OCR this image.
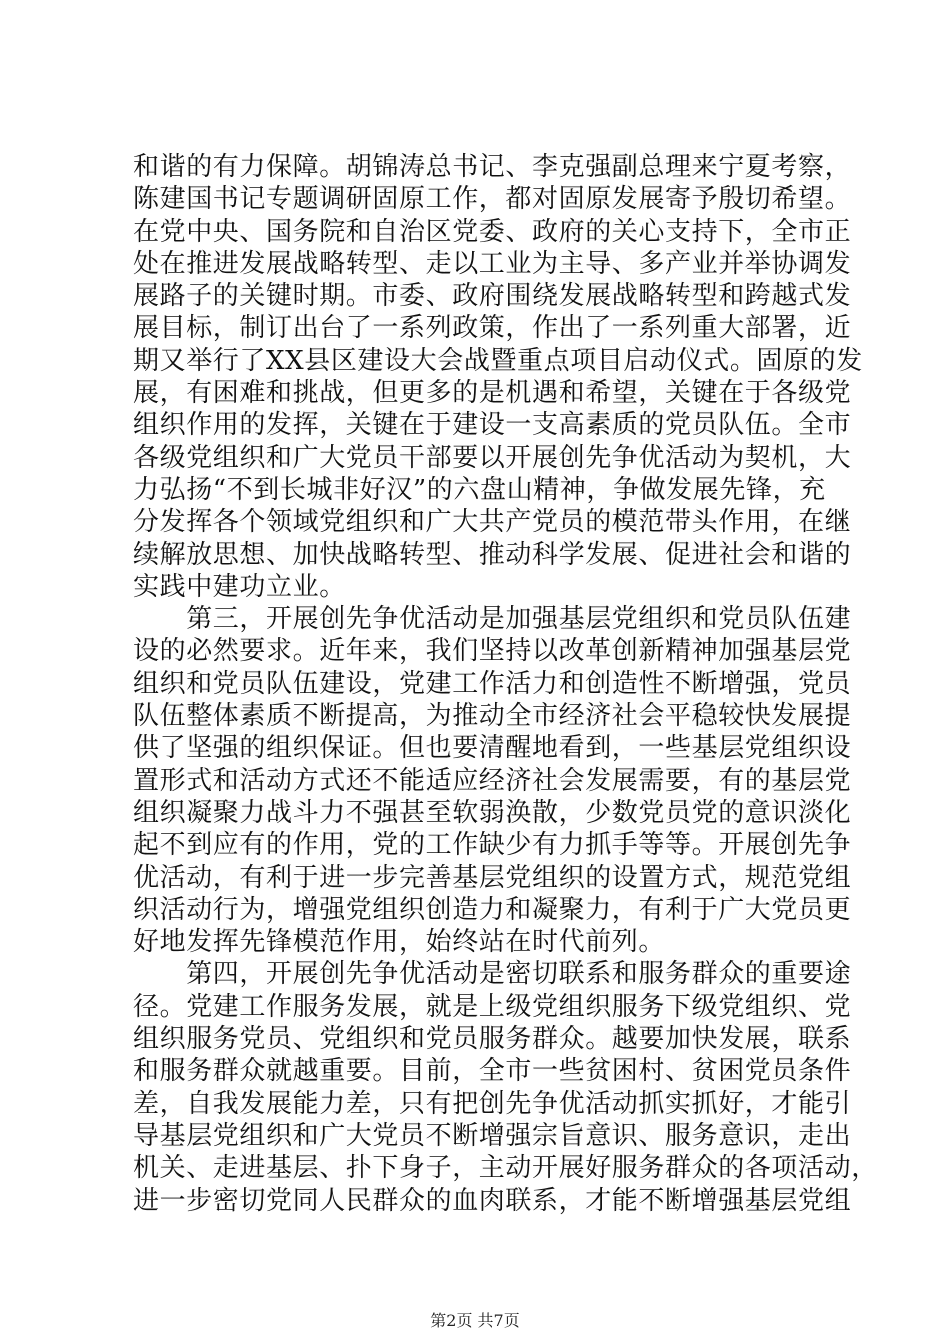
和谐的有力保障。胡锦涛总书记、李克强副总理来宁夏考察，
陈建国书记专题调研固原工作，都对固原发展寄予殷切希望。
在党中央、国务院和自治区党委、政府的关心支持下，全市正
处在推进发展战略转型、走以工业为主导、多产业并举协调发
展路子的关键时期。市委、政府围绕发展战略转型和跨越式发
展目标，制订出台了一系列政策，作出了一系列重大部署，近
期又举行了XX县区建设大会战暨重点项目启动仪式。固原的发
展，有困难和挑战，但更多的是机遇和希望，关键在于各级党
组织作用的发挥，关键在于建设一支高素质的党员队伍。全市
各级党组织和广大党员干部要以开展创先争优活动为契机，大
力弘扬“不到长城非好汉”的六盘山精神，争做发展先锋，充
分发挥各个领域党组织和广大共产党员的模范带头作用，在继
续解放思想、加快战略转型、推动科学发展、促进社会和谐的
实践中建功立业。
　　第三，开展创先争优活动是加强基层党组织和党员队伍建
设的必然要求。近年来，我们坚持以改革创新精神加强基层党
组织和党员队伍建设，党建工作活力和创造性不断增强，党员
队伍整体素质不断提高，为推动全市经济社会平稳较快发展提
供了坚强的组织保证。但也要清醒地看到，一些基层党组织设
置形式和活动方式还不能适应经济社会发展需要，有的基层党
组织凝聚力战斗力不强甚至软弱涣散，少数党员党的意识淡化
起不到应有的作用，党的工作缺少有力抓手等等。开展创先争
优活动，有利于进一步完善基层党组织的设置方式，规范党组
织活动行为，增强党组织创造力和凝聚力，有利于广大党员更
好地发挥先锋模范作用，始终站在时代前列。
　　第四，开展创先争优活动是密切联系和服务群众的重要途
径。党建工作服务发展，就是上级党组织服务下级党组织、党
组织服务党员、党组织和党员服务群众。越要加快发展，联系
和服务群众就越重要。目前，全市一些贫困村、贫困党员条件
差，自我发展能力差，只有把创先争优活动抓实抓好，才能引
导基层党组织和广大党员不断增强宗旨意识、服务意识，走出
机关、走进基层、扑下身子，主动开展好服务群众的各项活动，
进一步密切党同人民群众的血肉联系，才能不断增强基层党组
第2页 共7页
